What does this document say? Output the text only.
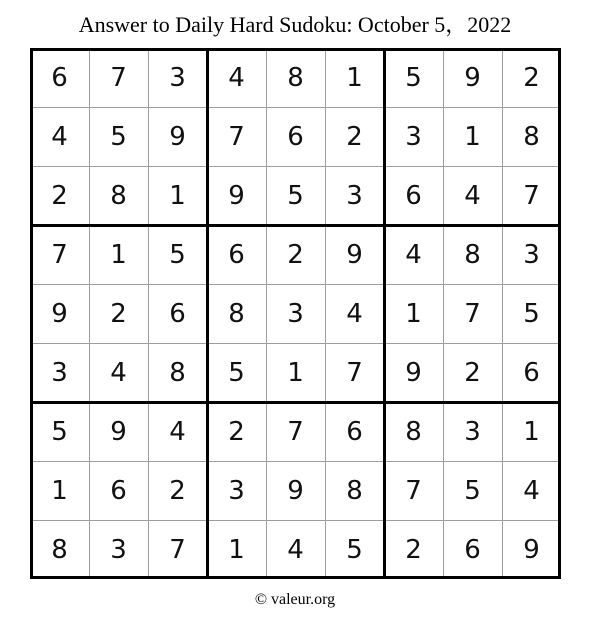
Answer to Daily Hard Sudoku: October 5，2022
6	7	3	4	8	1	5	9	2
4	5	9	7	6	2	3	1	8
2	8	1	9	5	3	6	4	7
7	1	5	6	2	9	4	8	3
9	2	6	8	3	4	1	7	5
3	4	8	5	1	7	9	2	6
5	9	4	2	7	6	8	3	1
1	6	2	3	9	8	7	5	4
8	3	7	1	4	5	2	6	9
© valeur.org
